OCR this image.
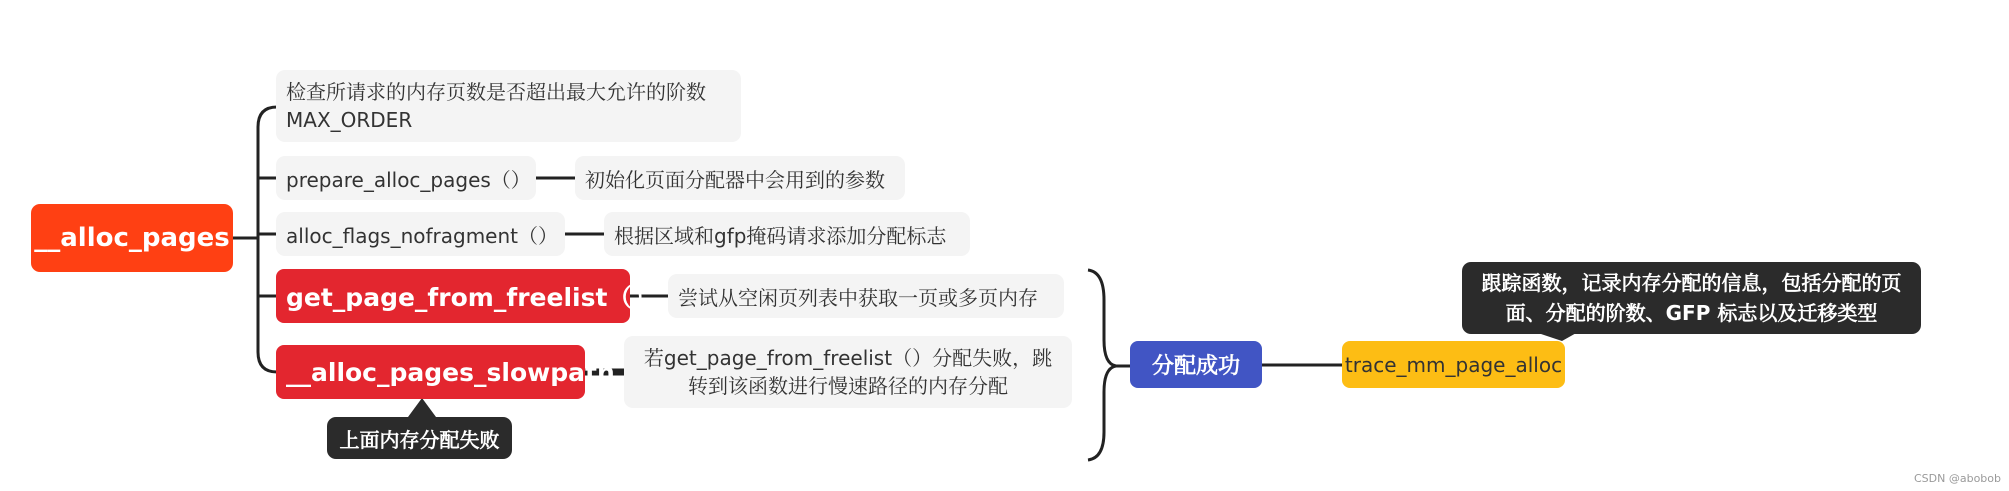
__alloc_pages
检查所请求的内存页数是否超出最大允许的阶数
MAX_ORDER
prepare_alloc_pages（）	初始化页面分配器中会用到的参数
alloc_flags_nofragment（）	根据区域和gfp掩码请求添加分配标志
get_page_from_freelist（） 尝试从空闲页列表中获取一页或多页内存
__alloc_pages_slowpath	若get_page_from_freelist（）分配失败，跳转到该函数进行慢速路径的内存分配
上面内存分配失败
分配成功	trace_mm_page_alloc
跟踪函数，记录内存分配的信息，包括分配的页面、分配的阶数、GFP 标志以及迁移类型
CSDN @abobob
